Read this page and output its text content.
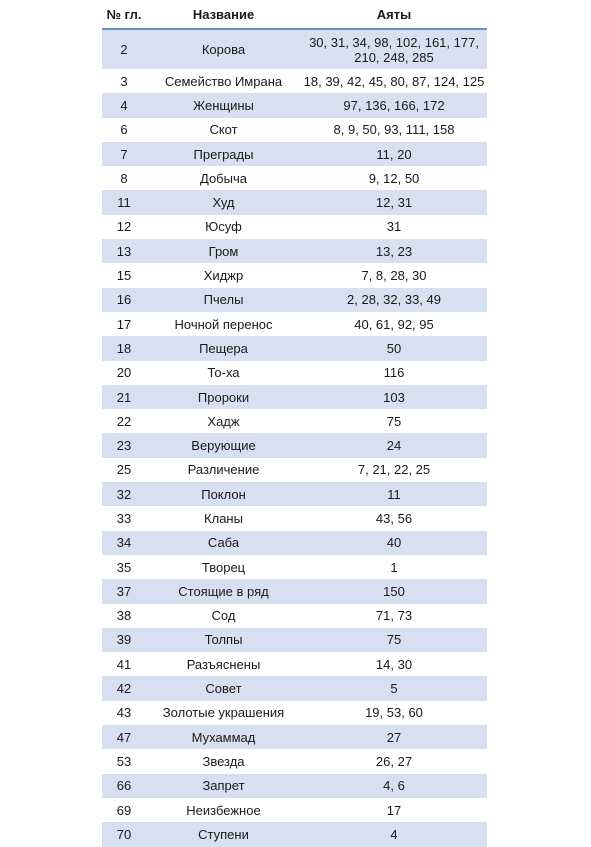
№ гл.	Название	Аяты
2	Корова	30, 31, 34, 98, 102, 161, 177,
210, 248, 285
3	Семейство Имрана	18, 39, 42, 45, 80, 87, 124, 125
4	Женщины	97, 136, 166, 172
6	Скот	8, 9, 50, 93, 111, 158
7	Преграды	11, 20
8	Добыча	9, 12, 50
11	Худ	12, 31
12	Юсуф	31
13	Гром	13, 23
15	Хиджр	7, 8, 28, 30
16	Пчелы	2, 28, 32, 33, 49
17	Ночной перенос	40, 61, 92, 95
18	Пещера	50
20	То-ха	116
21	Пророки	103
22	Хадж	75
23	Верующие	24
25	Различение	7, 21, 22, 25
32	Поклон	11
33	Кланы	43, 56
34	Саба	40
35	Творец	1
37	Стоящие в ряд	150
38	Сод	71, 73
39	Толпы	75
41	Разъяснены	14, 30
42	Совет	5
43	Золотые украшения	19, 53, 60
47	Мухаммад	27
53	Звезда	26, 27
66	Запрет	4, 6
69	Неизбежное	17
70	Ступени	4
